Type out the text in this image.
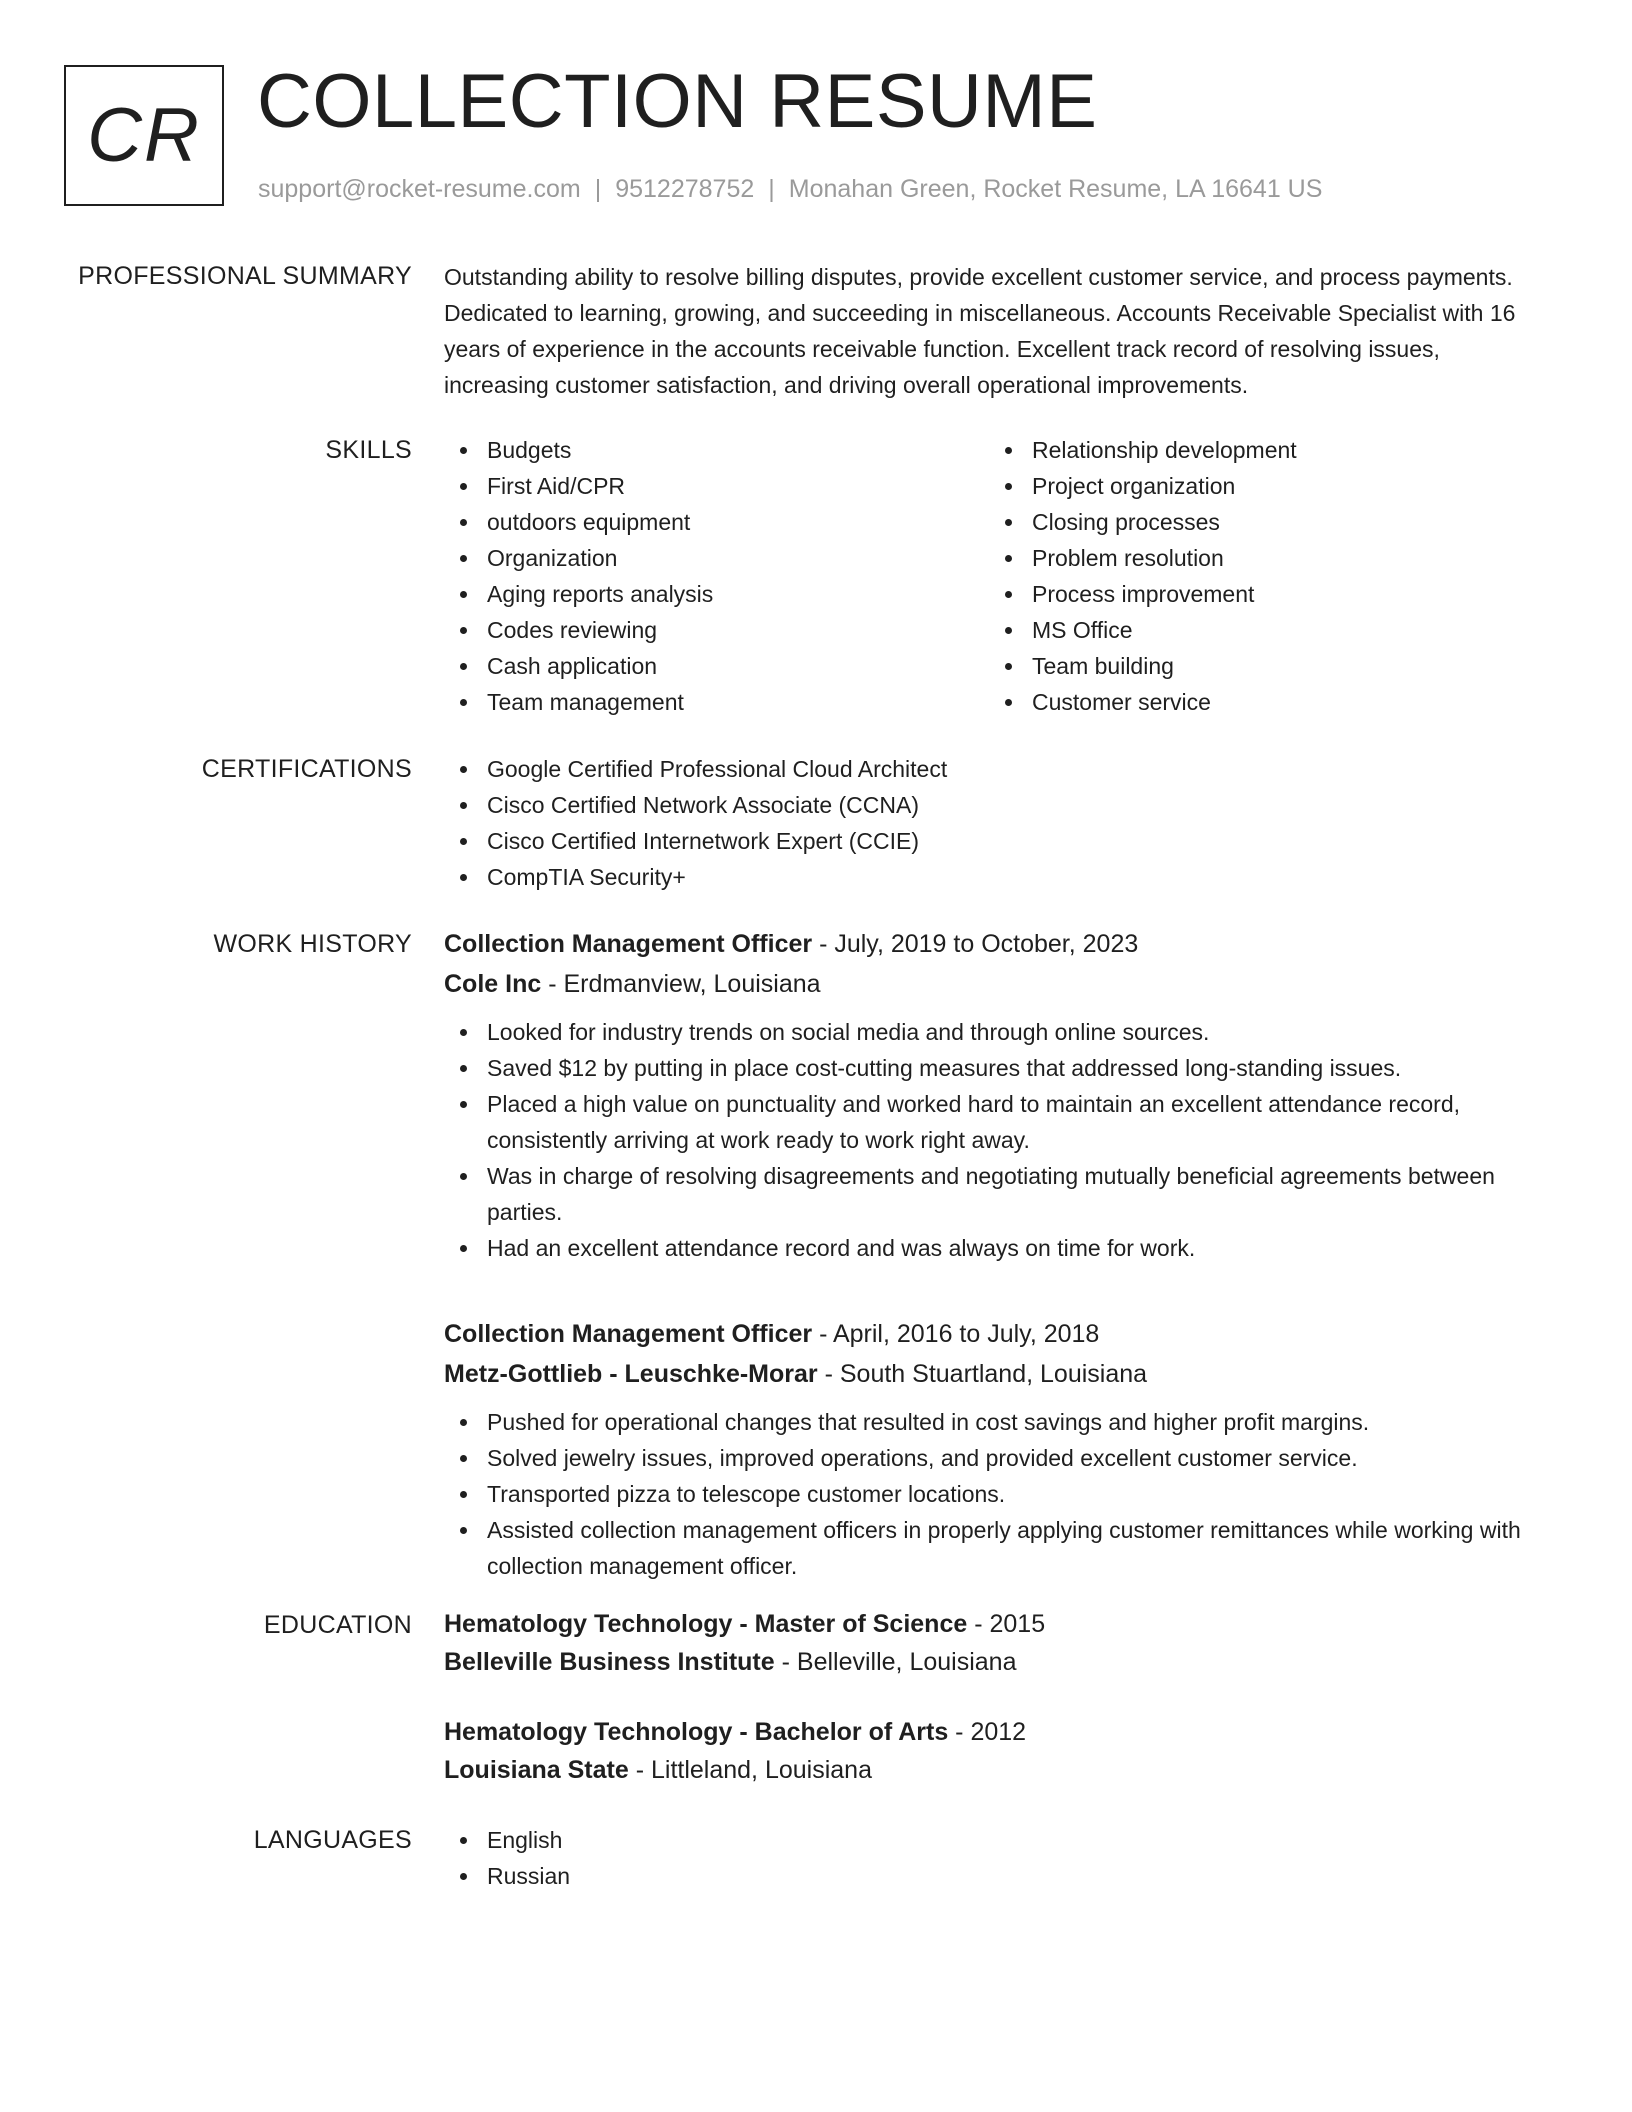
CR COLLECTION RESUME
support@rocket-resume.com | 9512278752 | Monahan Green, Rocket Resume, LA 16641 US
PROFESSIONAL SUMMARY Outstanding ability to resolve billing disputes, provide excellent customer service, and process payments. Dedicated to learning, growing, and succeeding in miscellaneous. Accounts Receivable Specialist with 16 years of experience in the accounts receivable function. Excellent track record of resolving issues, increasing customer satisfaction, and driving overall operational improvements.
SKILLS	Budgets
First Aid/CPR
outdoors equipment
Organization
Aging reports analysis
Codes reviewing
Cash application
Team management
Relationship development
Project organization
Closing processes
Problem resolution
Process improvement
MS Office
Team building
Customer service
CERTIFICATIONS	Google Certified Professional Cloud Architect
Cisco Certified Network Associate (CCNA)
Cisco Certified Internetwork Expert (CCIE)
CompTIA Security+
WORK HISTORY Collection Management Officer - July, 2019 to October, 2023
Cole Inc - Erdmanview, Louisiana
Looked for industry trends on social media and through online sources.
Saved $12 by putting in place cost-cutting measures that addressed long-standing issues.
Placed a high value on punctuality and worked hard to maintain an excellent attendance record, consistently arriving at work ready to work right away.
Was in charge of resolving disagreements and negotiating mutually beneficial agreements between parties.
Had an excellent attendance record and was always on time for work.
Collection Management Officer - April, 2016 to July, 2018
Metz-Gottlieb - Leuschke-Morar - South Stuartland, Louisiana
Pushed for operational changes that resulted in cost savings and higher profit margins.
Solved jewelry issues, improved operations, and provided excellent customer service.
Transported pizza to telescope customer locations.
Assisted collection management officers in properly applying customer remittances while working with collection management officer.
EDUCATION Hematology Technology - Master of Science - 2015
Belleville Business Institute - Belleville, Louisiana
Hematology Technology - Bachelor of Arts - 2012
Louisiana State - Littleland, Louisiana
LANGUAGES	English
Russian
